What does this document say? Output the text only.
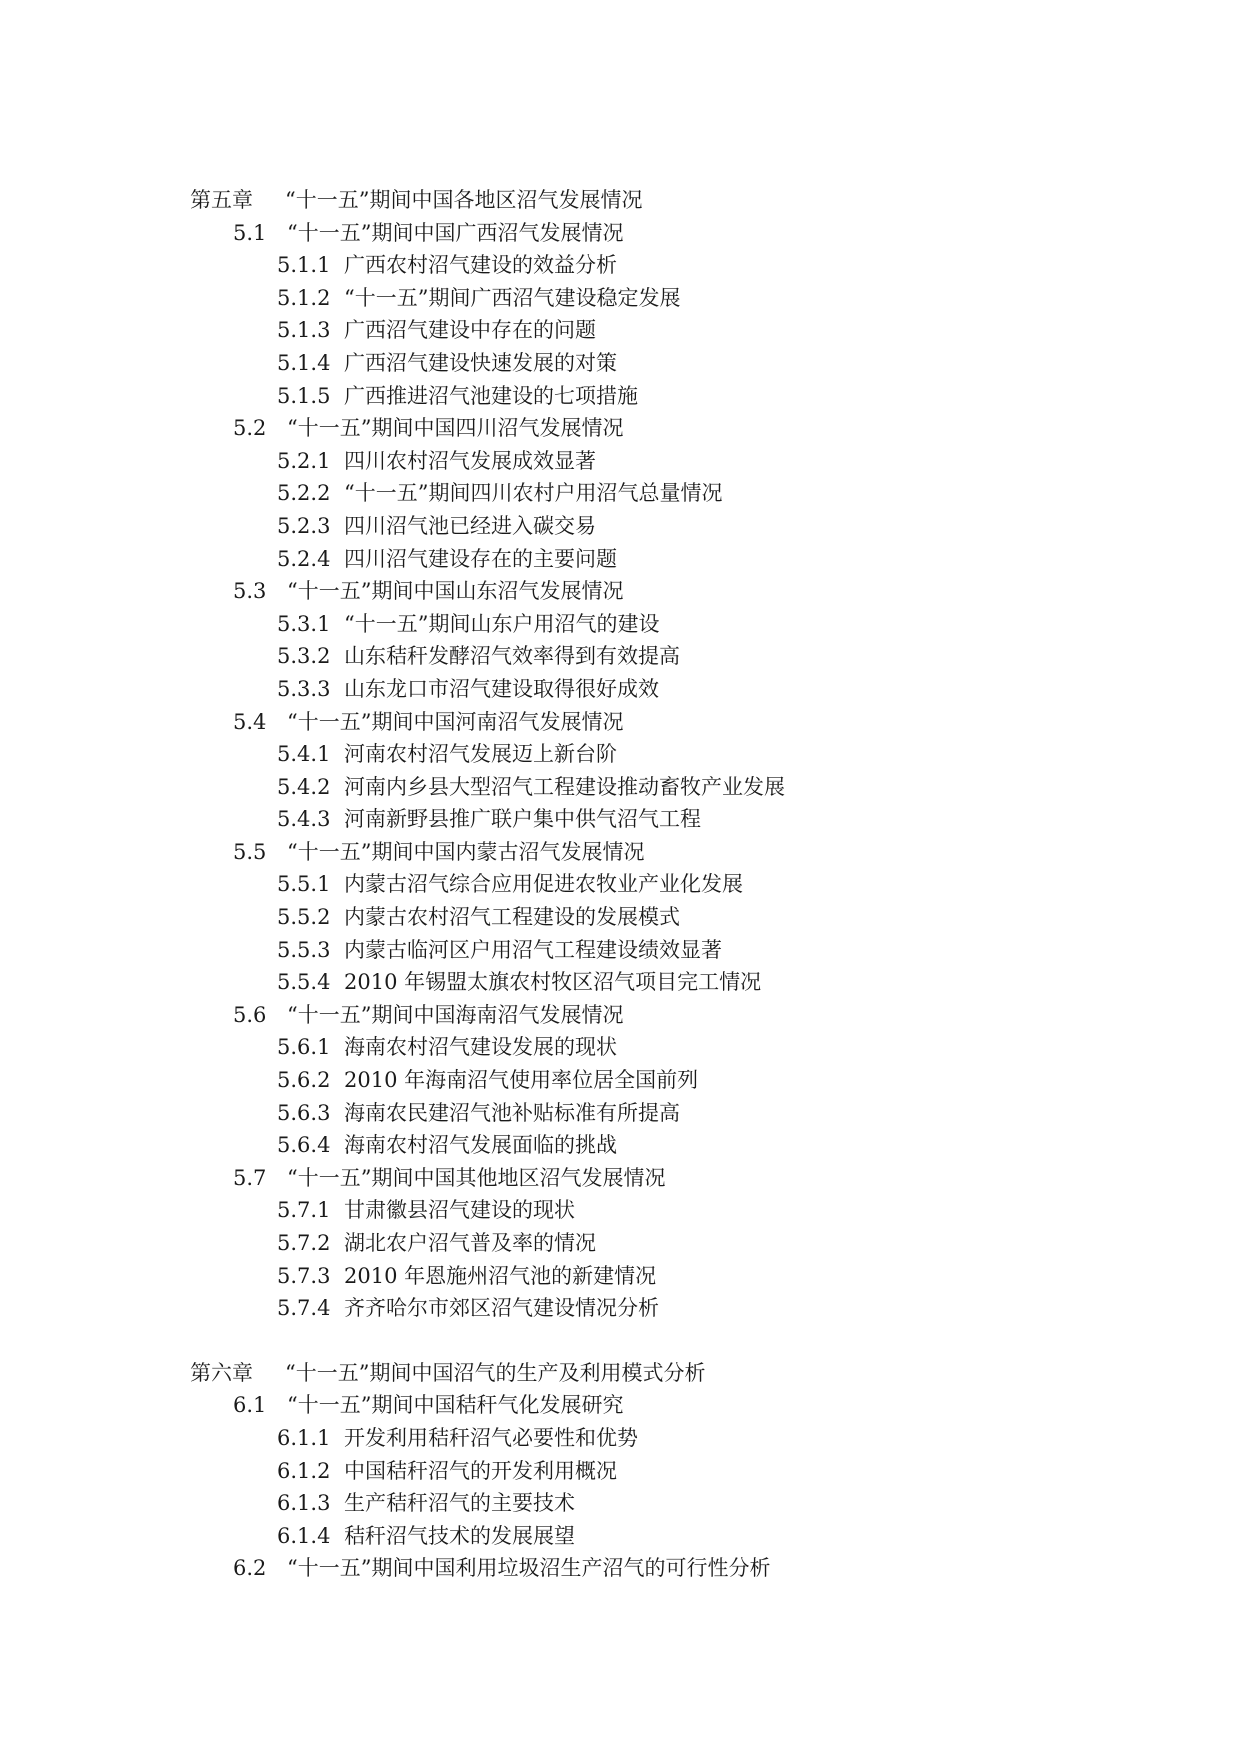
第五章 “十一五”期间中国各地区沼气发展情况
5.1 “十一五”期间中国广西沼气发展情况
5.1.1 广西农村沼气建设的效益分析
5.1.2 “十一五”期间广西沼气建设稳定发展
5.1.3 广西沼气建设中存在的问题
5.1.4 广西沼气建设快速发展的对策
5.1.5 广西推进沼气池建设的七项措施
5.2 “十一五”期间中国四川沼气发展情况
5.2.1 四川农村沼气发展成效显著
5.2.2 “十一五”期间四川农村户用沼气总量情况
5.2.3 四川沼气池已经进入碳交易
5.2.4 四川沼气建设存在的主要问题
5.3 “十一五”期间中国山东沼气发展情况
5.3.1 “十一五”期间山东户用沼气的建设
5.3.2 山东秸秆发酵沼气效率得到有效提高
5.3.3 山东龙口市沼气建设取得很好成效
5.4 “十一五”期间中国河南沼气发展情况
5.4.1 河南农村沼气发展迈上新台阶
5.4.2 河南内乡县大型沼气工程建设推动畜牧产业发展
5.4.3 河南新野县推广联户集中供气沼气工程
5.5 “十一五”期间中国内蒙古沼气发展情况
5.5.1 内蒙古沼气综合应用促进农牧业产业化发展
5.5.2 内蒙古农村沼气工程建设的发展模式
5.5.3 内蒙古临河区户用沼气工程建设绩效显著
5.5.4 2010 年锡盟太旗农村牧区沼气项目完工情况
5.6 “十一五”期间中国海南沼气发展情况
5.6.1 海南农村沼气建设发展的现状
5.6.2 2010 年海南沼气使用率位居全国前列
5.6.3 海南农民建沼气池补贴标准有所提高
5.6.4 海南农村沼气发展面临的挑战
5.7 “十一五”期间中国其他地区沼气发展情况
5.7.1 甘肃徽县沼气建设的现状
5.7.2 湖北农户沼气普及率的情况
5.7.3 2010 年恩施州沼气池的新建情况
5.7.4 齐齐哈尔市郊区沼气建设情况分析
第六章 “十一五”期间中国沼气的生产及利用模式分析
6.1 “十一五”期间中国秸秆气化发展研究
6.1.1 开发利用秸秆沼气必要性和优势
6.1.2 中国秸秆沼气的开发利用概况
6.1.3 生产秸秆沼气的主要技术
6.1.4 秸秆沼气技术的发展展望
6.2 “十一五”期间中国利用垃圾沼生产沼气的可行性分析
